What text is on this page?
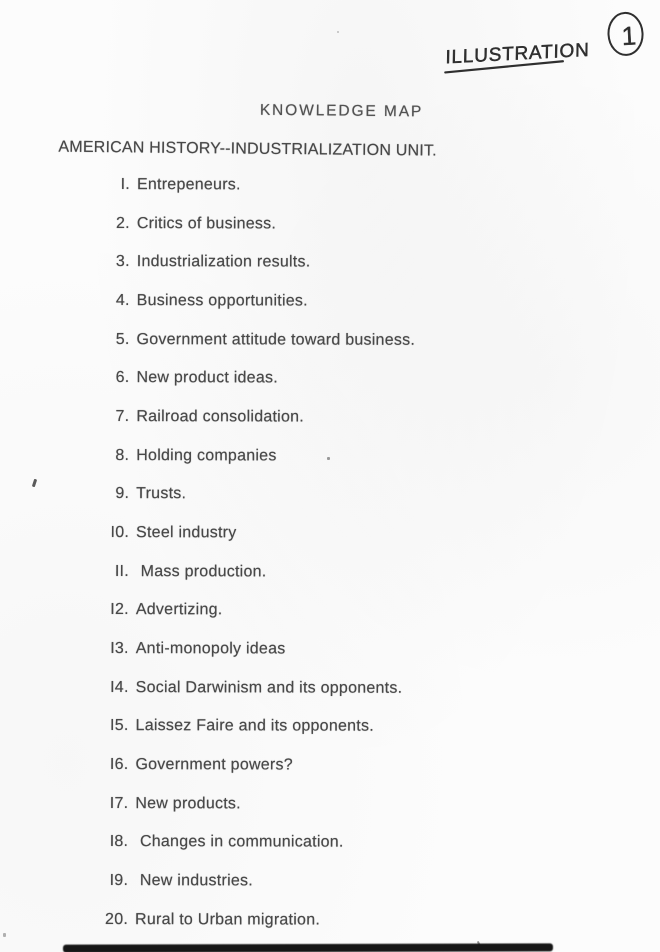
ILLUSTRATION
1
KNOWLEDGE MAP
AMERICAN HISTORY--INDUSTRIALIZATION UNIT.
I. Entrepeneurs.
2. Critics of business.
3. Industrialization results.
4. Business opportunities.
5. Government attitude toward business.
6. New product ideas.
7. Railroad consolidation.
8. Holding companies
9. Trusts.
I0. Steel industry
II. Mass production.
I2. Advertizing.
I3. Anti-monopoly ideas
I4. Social Darwinism and its opponents.
I5. Laissez Faire and its opponents.
I6. Government powers?
I7. New products.
I8. Changes in communication.
I9. New industries.
20. Rural to Urban migration.
